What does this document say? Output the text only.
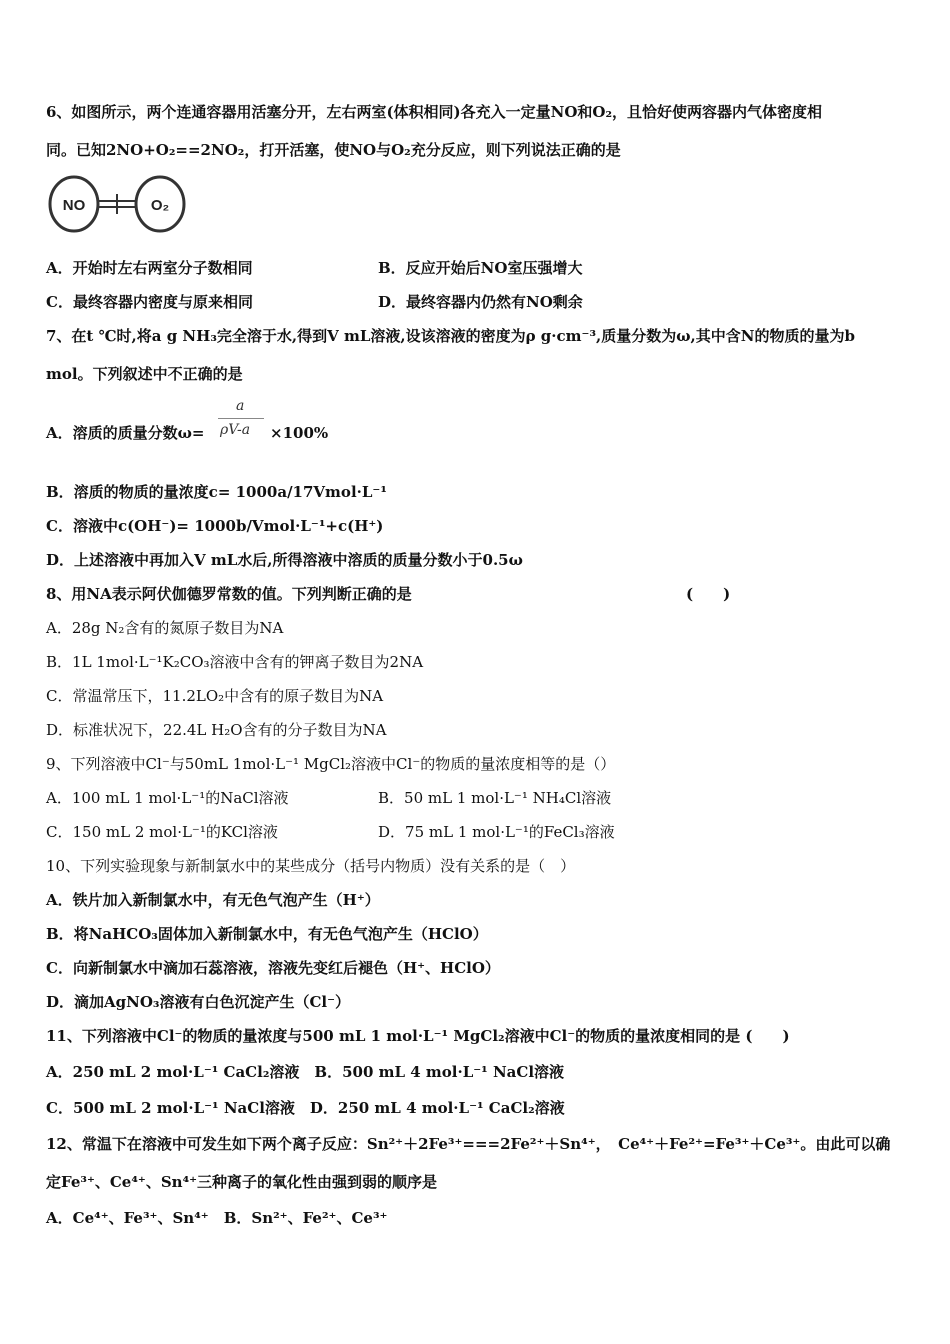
6、如图所示，两个连通容器用活塞分开，左右两室(体积相同)各充入一定量NO和O₂，且恰好使两容器内气体密度相
同。已知2NO+O₂==2NO₂，打开活塞，使NO与O₂充分反应，则下列说法正确的是
NO	O₂
A．开始时左右两室分子数相同	B．反应开始后NO室压强增大
C．最终容器内密度与原来相同	D．最终容器内仍然有NO剩余
7、在t ℃时,将a g NH₃完全溶于水,得到V mL溶液,设该溶液的密度为ρ g·cm⁻³,质量分数为ω,其中含N的物质的量为b
mol。下列叙述中不正确的是
A．溶质的质量分数ω=
a
ρV-a ×100%
B．溶质的物质的量浓度c= 1000a/17Vmol·L⁻¹
C．溶液中c(OH⁻)= 1000b/Vmol·L⁻¹+c(H⁺)
D．上述溶液中再加入V mL水后,所得溶液中溶质的质量分数小于0.5ω
8、用NA表示阿伏伽德罗常数的值。下列判断正确的是	(　　)
A．28g N₂含有的氮原子数目为NA
B．1L 1mol·L⁻¹K₂CO₃溶液中含有的钾离子数目为2NA
C．常温常压下，11.2LO₂中含有的原子数目为NA
D．标准状况下，22.4L H₂O含有的分子数目为NA
9、下列溶液中Cl⁻与50mL 1mol·L⁻¹ MgCl₂溶液中Cl⁻的物质的量浓度相等的是（）
A．100 mL 1 mol·L⁻¹的NaCl溶液	B．50 mL 1 mol·L⁻¹ NH₄Cl溶液
C．150 mL 2 mol·L⁻¹的KCl溶液	D．75 mL 1 mol·L⁻¹的FeCl₃溶液
10、下列实验现象与新制氯水中的某些成分（括号内物质）没有关系的是（　）
A．铁片加入新制氯水中，有无色气泡产生（H⁺）
B．将NaHCO₃固体加入新制氯水中，有无色气泡产生（HClO）
C．向新制氯水中滴加石蕊溶液，溶液先变红后褪色（H⁺、HClO）
D．滴加AgNO₃溶液有白色沉淀产生（Cl⁻）
11、下列溶液中Cl⁻的物质的量浓度与500 mL 1 mol·L⁻¹ MgCl₂溶液中Cl⁻的物质的量浓度相同的是 (　　)
A．250 mL 2 mol·L⁻¹ CaCl₂溶液　B．500 mL 4 mol·L⁻¹ NaCl溶液
C．500 mL 2 mol·L⁻¹ NaCl溶液　D．250 mL 4 mol·L⁻¹ CaCl₂溶液
12、常温下在溶液中可发生如下两个离子反应：Sn²⁺＋2Fe³⁺===2Fe²⁺＋Sn⁴⁺，　Ce⁴⁺＋Fe²⁺=Fe³⁺＋Ce³⁺。由此可以确
定Fe³⁺、Ce⁴⁺、Sn⁴⁺三种离子的氧化性由强到弱的顺序是
A．Ce⁴⁺、Fe³⁺、Sn⁴⁺　B．Sn²⁺、Fe²⁺、Ce³⁺
